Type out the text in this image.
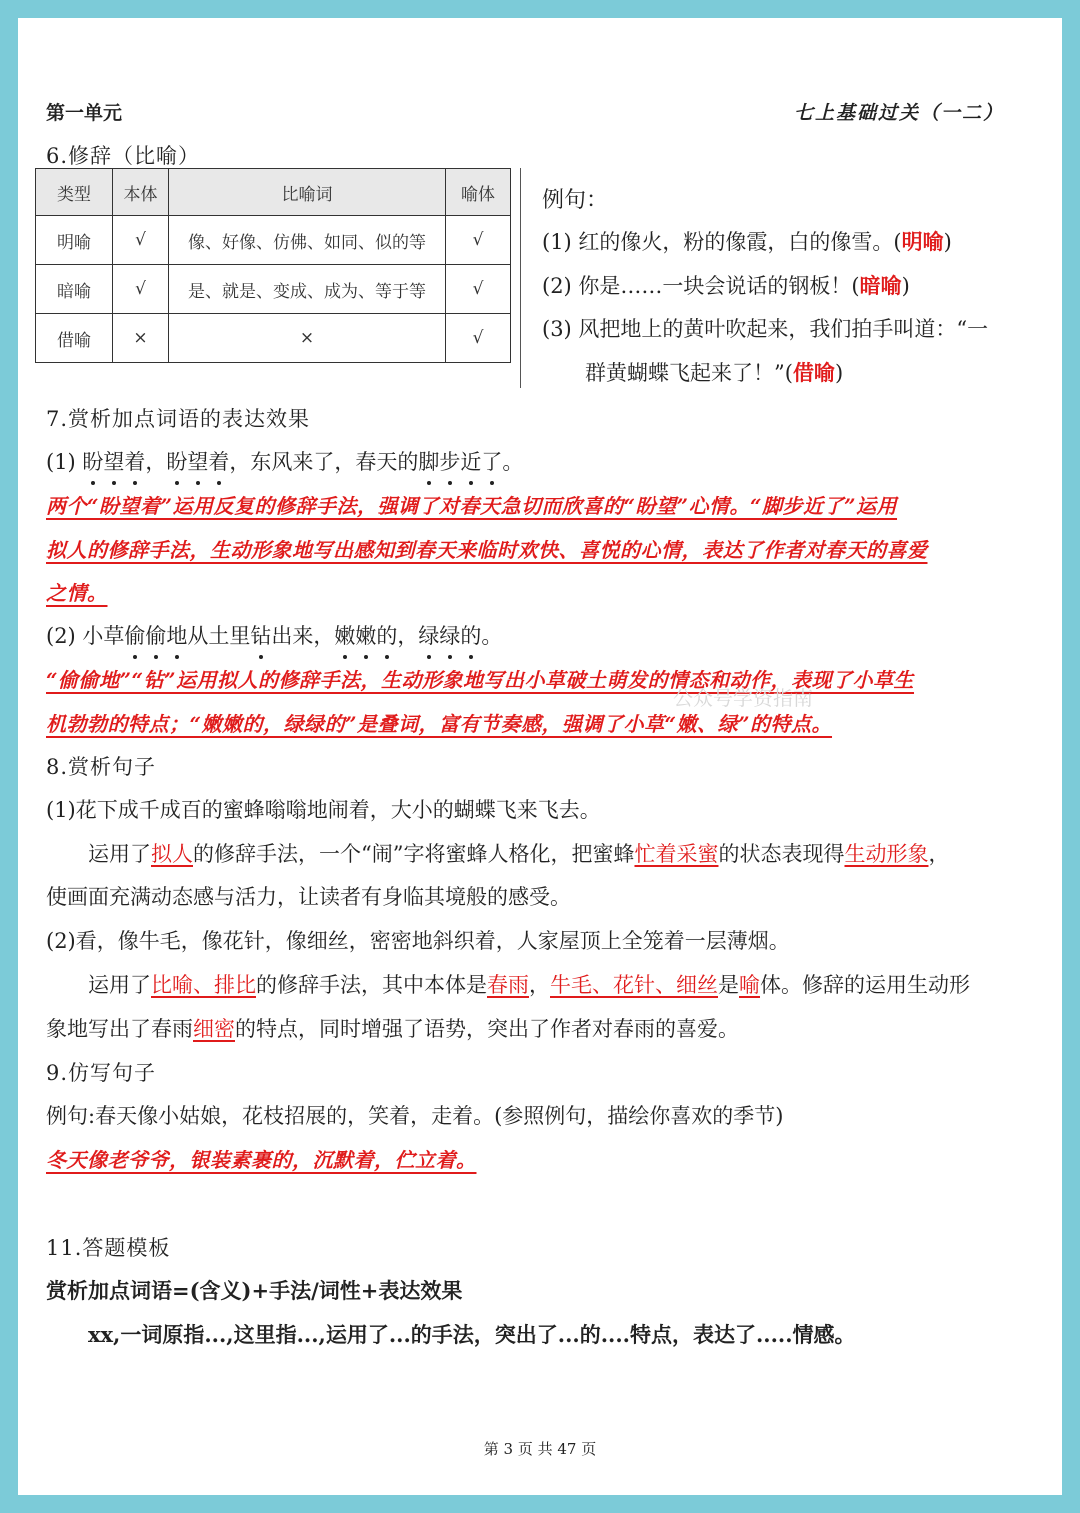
第一单元	七上基础过关（一二）
6.修辞（比喻）
类型	本体	比喻词	喻体
明喻	√	像、好像、仿佛、如同、似的等	√
暗喻	√	是、就是、变成、成为、等于等	√
借喻	×	×	√
例句：
(1) 红的像火，粉的像霞，白的像雪。(明喻)
(2) 你是……一块会说话的钢板！(暗喻)
(3) 风把地上的黄叶吹起来，我们拍手叫道：“一
群黄蝴蝶飞起来了！”(借喻)
7.赏析加点词语的表达效果
(1) 盼望着，盼望着，东风来了，春天的脚步近了。
两个“盼望着”运用反复的修辞手法，强调了对春天急切而欣喜的“盼望”心情。“脚步近了”运用
拟人的修辞手法，生动形象地写出感知到春天来临时欢快、喜悦的心情，表达了作者对春天的喜爱
之情。
(2) 小草偷偷地从土里钻出来，嫩嫩的，绿绿的。
“偷偷地”“钻”运用拟人的修辞手法，生动形象地写出小草破土萌发的情态和动作，表现了小草生
机勃勃的特点；“嫩嫩的，绿绿的”是叠词，富有节奏感，强调了小草“嫩、绿”的特点。
公众号学资指南
8.赏析句子
(1)花下成千成百的蜜蜂嗡嗡地闹着，大小的蝴蝶飞来飞去。
运用了拟人的修辞手法，一个“闹”字将蜜蜂人格化，把蜜蜂忙着采蜜的状态表现得生动形象，
使画面充满动态感与活力，让读者有身临其境般的感受。
(2)看，像牛毛，像花针，像细丝，密密地斜织着，人家屋顶上全笼着一层薄烟。
运用了比喻、排比的修辞手法，其中本体是春雨，牛毛、花针、细丝是喻体。修辞的运用生动形
象地写出了春雨细密的特点，同时增强了语势，突出了作者对春雨的喜爱。
9.仿写句子
例句:春天像小姑娘，花枝招展的，笑着，走着。(参照例句，描绘你喜欢的季节)
冬天像老爷爷，银装素裹的，沉默着，伫立着。
11.答题模板
赏析加点词语=(含义)+手法/词性+表达效果
xx,一词原指...,这里指...,运用了...的手法，突出了...的....特点，表达了.....情感。
第 3 页 共 47 页
